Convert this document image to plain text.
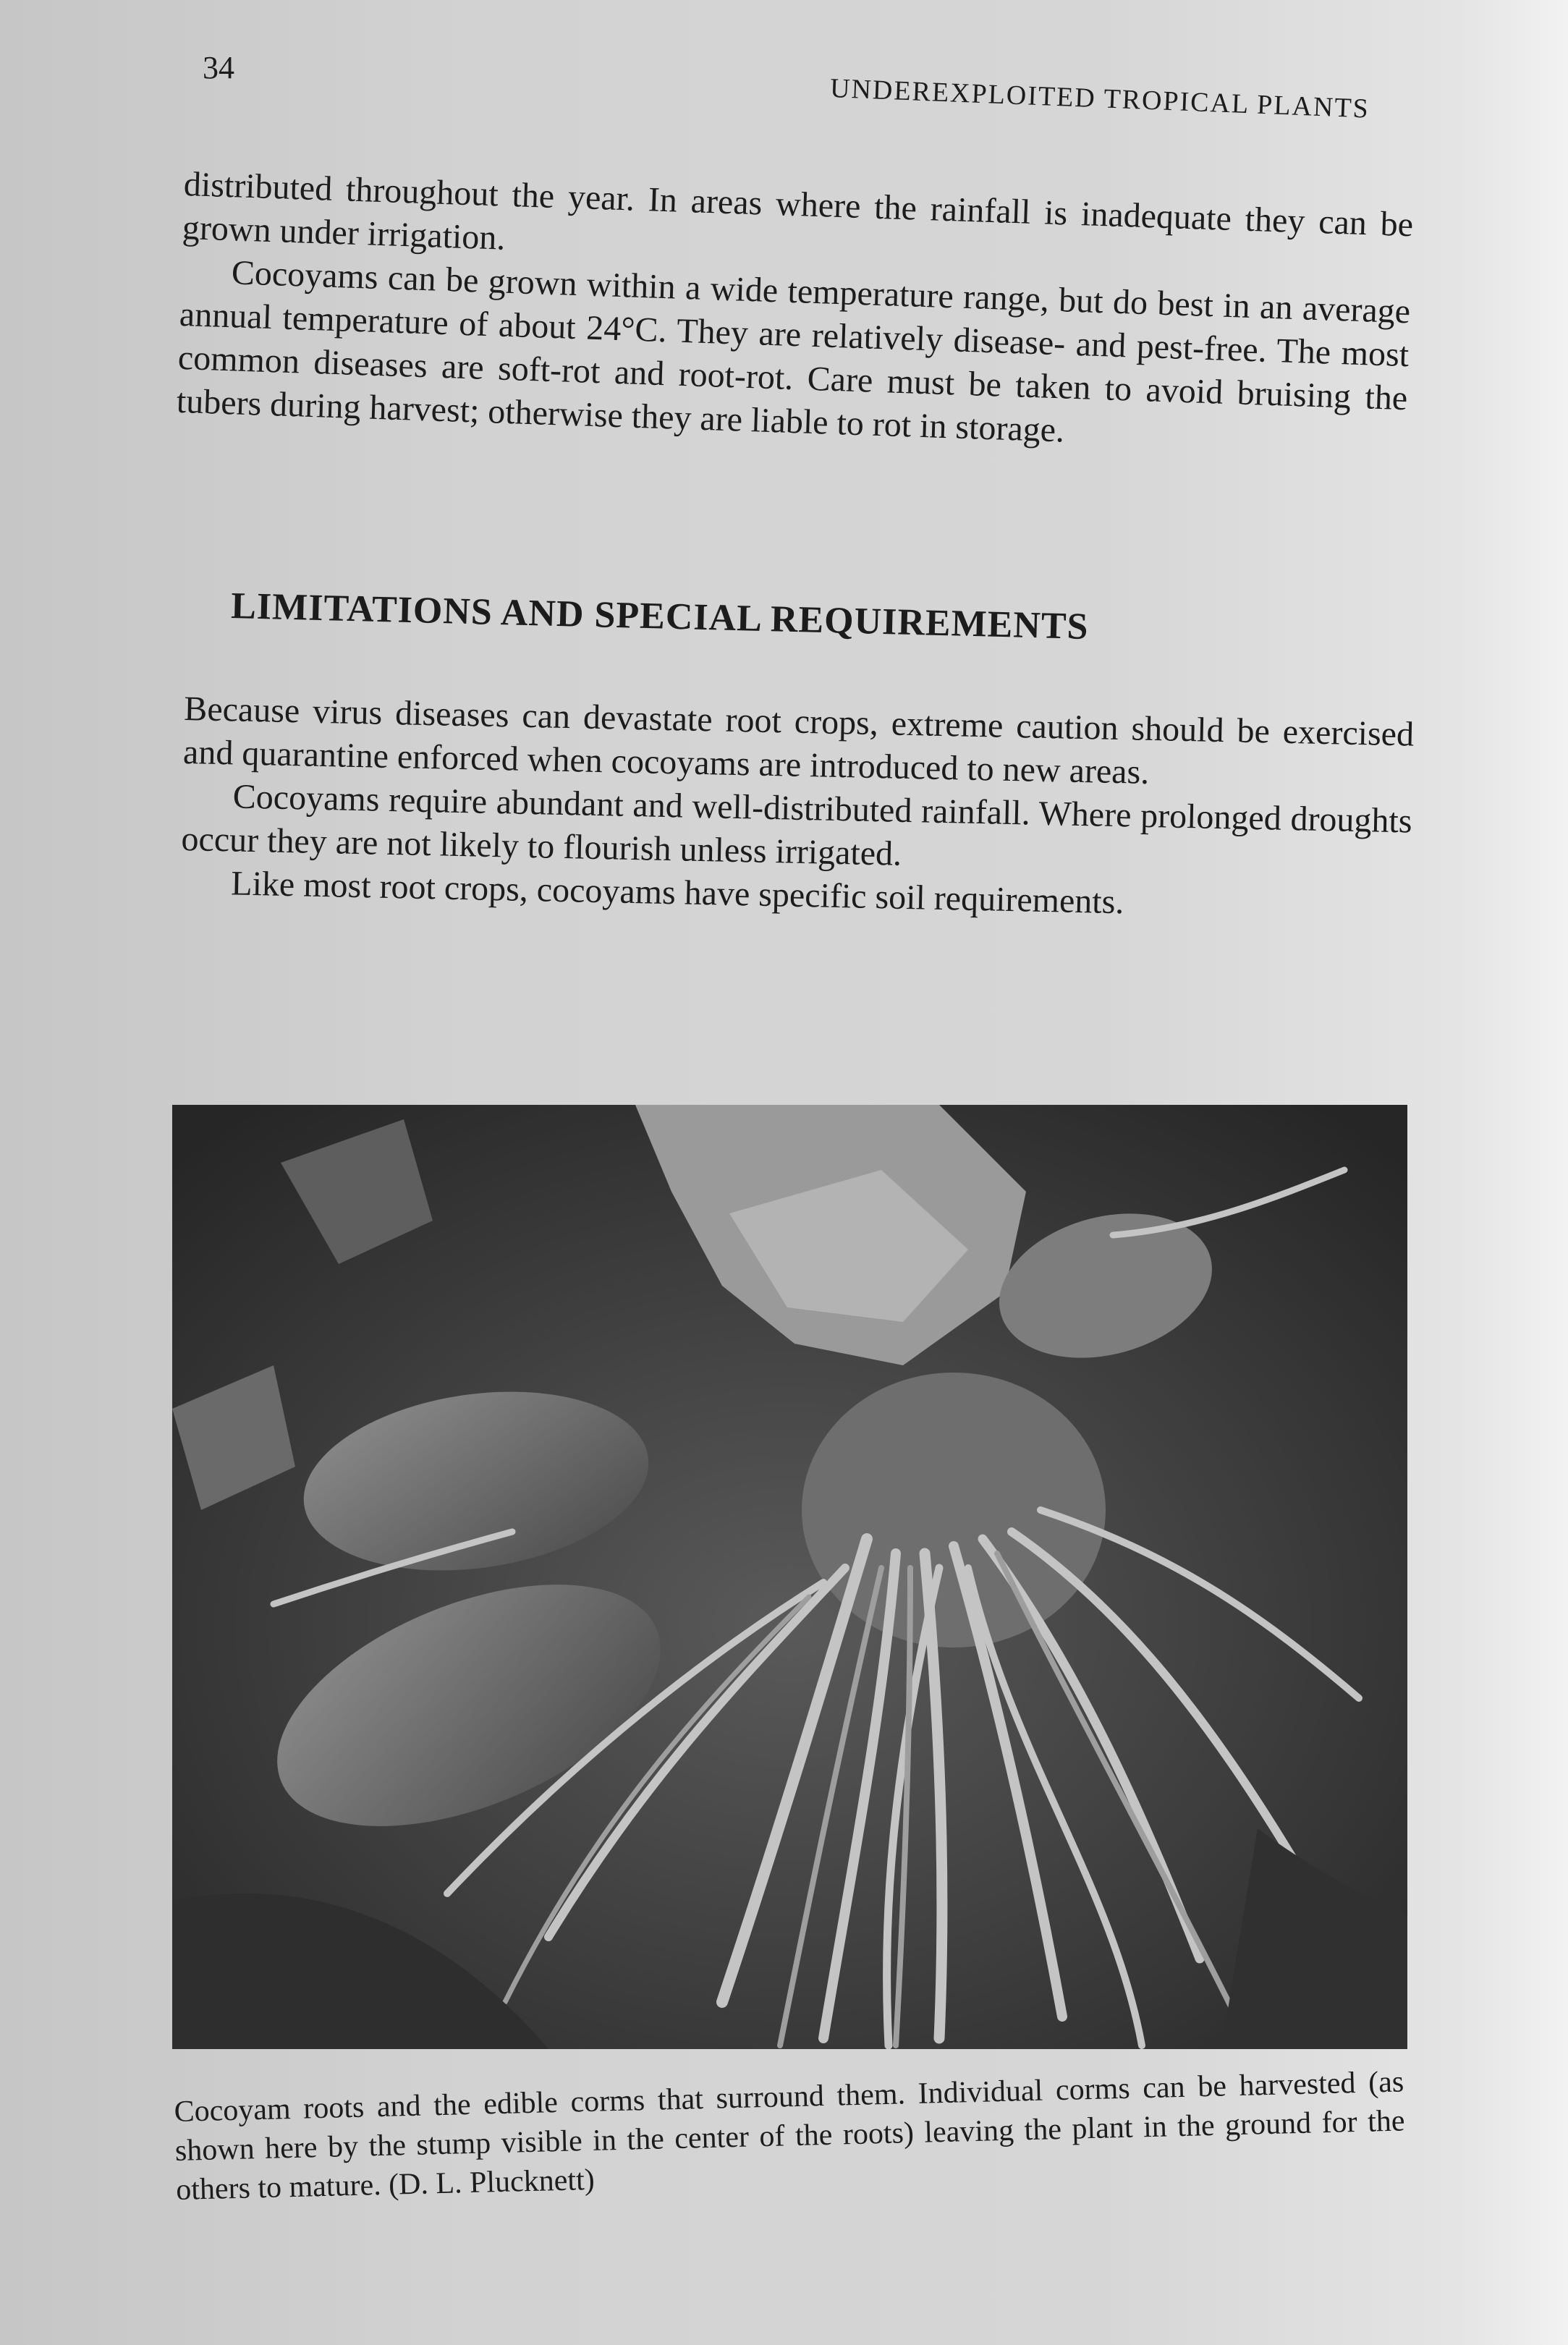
34
UNDEREXPLOITED TROPICAL PLANTS

distributed throughout the year. In areas where the rainfall is inadequate they can be grown under irrigation.

Cocoyams can be grown within a wide temperature range, but do best in an average annual temperature of about 24°C. They are relatively disease- and pest-free. The most common diseases are soft-rot and root-rot. Care must be taken to avoid bruising the tubers during harvest; otherwise they are liable to rot in storage.

LIMITATIONS AND SPECIAL REQUIREMENTS

Because virus diseases can devastate root crops, extreme caution should be exercised and quarantine enforced when cocoyams are introduced to new areas.

Cocoyams require abundant and well-distributed rainfall. Where prolonged droughts occur they are not likely to flourish unless irrigated.

Like most root crops, cocoyams have specific soil requirements.

Cocoyam roots and the edible corms that surround them. Individual corms can be harvested (as shown here by the stump visible in the center of the roots) leaving the plant in the ground for the others to mature. (D. L. Plucknett)
